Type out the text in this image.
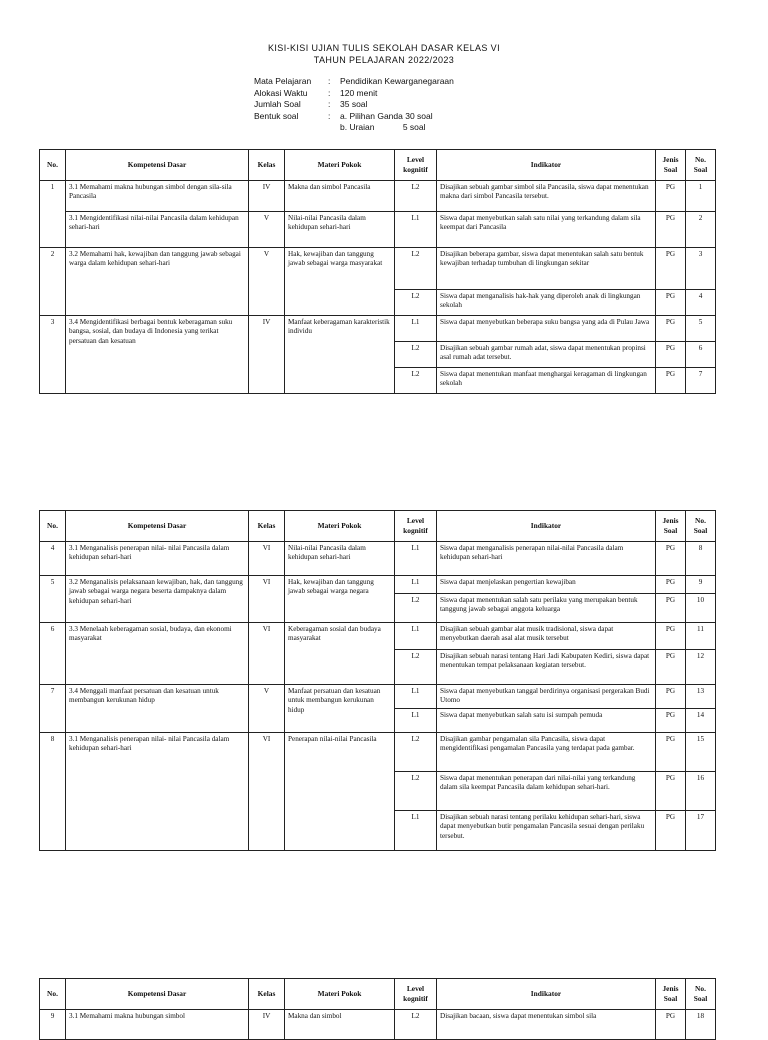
KISI-KISI UJIAN TULIS SEKOLAH DASAR KELAS VI
TAHUN PELAJARAN 2022/2023
Mata Pelajaran	:	Pendidikan Kewarganegaraan
Alokasi Waktu	:	120 menit
Jumlah Soal	:	35 soal
Bentuk soal	:	a. Pilihan Ganda 30 soal
b. Uraian            5 soal
No.	Kompetensi Dasar	Kelas	Materi Pokok	Level kognitif	Indikator	Jenis Soal	No. Soal
1	3.1 Memahami makna hubungan simbol dengan sila-sila Pancasila	IV	Makna dan simbol Pancasila	L2	Disajikan sebuah gambar simbol sila Pancasila, siswa dapat menentukan makna dari simbol Pancasila tersebut.	PG	1
	3.1 Mengidentifikasi nilai-nilai Pancasila dalam kehidupan sehari-hari	V	Nilai-nilai Pancasila dalam kehidupan sehari-hari	L1	Siswa dapat menyebutkan salah satu nilai yang terkandung dalam sila keempat dari Pancasila	PG	2
2	3.2 Memahami hak, kewajiban dan tanggung jawab sebagai warga dalam kehidupan sehari-hari	V	Hak, kewajiban dan tanggung jawab sebagai warga masyarakat	L2	Disajikan beberapa gambar, siswa dapat menentukan salah satu bentuk kewajiban terhadap tumbuhan di lingkungan sekitar	PG	3
				L2	Siswa dapat menganalisis hak-hak yang diperoleh anak di lingkungan sekolah	PG	4
3	3.4 Mengidentifikasi berbagai bentuk keberagaman suku bangsa, sosial, dan budaya di Indonesia yang terikat persatuan dan kesatuan	IV	Manfaat keberagaman karakteristik individu	L1	Siswa dapat menyebutkan beberapa suku bangsa yang ada di Pulau Jawa	PG	5
				L2	Disajikan sebuah gambar rumah adat, siswa dapat menentukan propinsi asal rumah adat tersebut.	PG	6
				L2	Siswa dapat menentukan manfaat menghargai keragaman di lingkungan sekolah	PG	7
No.	Kompetensi Dasar	Kelas	Materi Pokok	Level kognitif	Indikator	Jenis Soal	No. Soal
4	3.1 Menganalisis penerapan nilai- nilai Pancasila dalam kehidupan sehari-hari	VI	Nilai-nilai Pancasila dalam kehidupan sehari-hari	L1	Siswa dapat menganalisis penerapan nilai-nilai Pancasila dalam kehidupan sehari-hari	PG	8
5	3.2 Menganalisis pelaksanaan kewajiban, hak, dan tanggung jawab sebagai warga negara beserta dampaknya dalam kehidupan sehari-hari	VI	Hak, kewajiban dan tanggung jawab sebagai warga negara	L1	Siswa dapat menjelaskan pengertian kewajiban	PG	9
				L2	Siswa dapat menentukan salah satu perilaku yang merupakan bentuk tanggung jawab sebagai anggota keluarga	PG	10
6	3.3 Menelaah keberagaman sosial, budaya, dan ekonomi masyarakat	VI	Keberagaman sosial dan budaya masyarakat	L1	Disajikan sebuah gambar alat musik tradisional, siswa dapat menyebutkan daerah asal alat musik tersebut	PG	11
				L2	Disajikan sebuah narasi tentang Hari Jadi Kabupaten Kediri, siswa dapat menentukan tempat pelaksanaan kegiatan tersebut.	PG	12
7	3.4 Menggali manfaat persatuan dan kesatuan untuk membangun kerukunan hidup	V	Manfaat persatuan dan kesatuan untuk membangun kerukunan hidup	L1	Siswa dapat menyebutkan tanggal berdirinya organisasi pergerakan Budi Utomo	PG	13
				L1	Siswa dapat menyebutkan salah satu isi sumpah pemuda	PG	14
8	3.1 Menganalisis penerapan nilai- nilai Pancasila dalam kehidupan sehari-hari	VI	Penerapan nilai-nilai Pancasila	L2	Disajikan gambar pengamalan sila Pancasila, siswa dapat mengidentifikasi pengamalan Pancasila yang terdapat pada gambar.	PG	15
				L2	Siswa dapat menentukan penerapan dari nilai-nilai yang terkandung dalam sila keempat Pancasila dalam kehidupan sehari-hari.	PG	16
				L1	Disajikan sebuah narasi tentang perilaku kehidupan sehari-hari, siswa dapat menyebutkan butir pengamalan Pancasila sesuai dengan perilaku tersebut.	PG	17
No.	Kompetensi Dasar	Kelas	Materi Pokok	Level kognitif	Indikator	Jenis Soal	No. Soal
9	3.1 Memahami makna hubungan simbol	IV	Makna dan simbol	L2	Disajikan bacaan, siswa dapat menentukan simbol sila	PG	18
